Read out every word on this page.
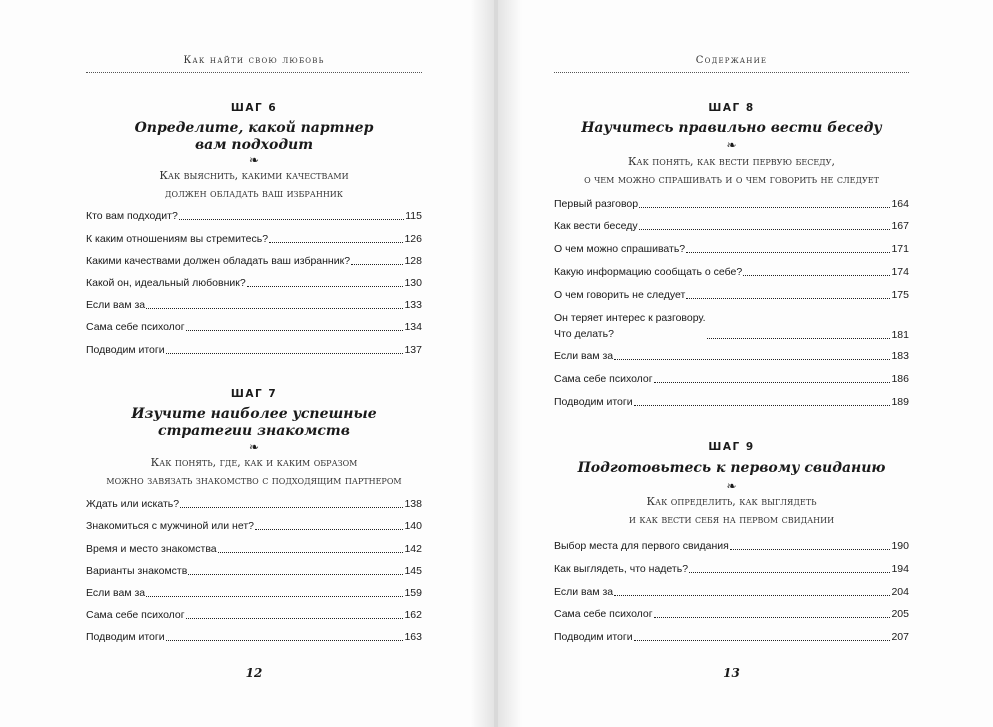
Как найти свою любовь
ШАГ 6
Определите, какой партнер
вам подходит
❧
Как выяснить, какими качествами
должен обладать ваш избранник
Кто вам подходит?	115
К каким отношениям вы стремитесь?	126
Какими качествами должен обладать ваш избранник?	128
Какой он, идеальный любовник?	130
Если вам за	133
Сама себе психолог	134
Подводим итоги	137
ШАГ 7
Изучите наиболее успешные
стратегии знакомств
❧
Как понять, где, как и каким образом
можно завязать знакомство с подходящим партнером
Ждать или искать?	138
Знакомиться с мужчиной или нет?	140
Время и место знакомства	142
Варианты знакомств	145
Если вам за	159
Сама себе психолог	162
Подводим итоги	163
12
Содержание
ШАГ 8
Научитесь правильно вести беседу
❧
Как понять, как вести первую беседу,
о чем можно спрашивать и о чем говорить не следует
Первый разговор	164
Как вести беседу	167
О чем можно спрашивать?	171
Какую информацию сообщать о себе?	174
О чем говорить не следует	175
Он теряет интерес к разговору.
Что делать?	181
Если вам за	183
Сама себе психолог	186
Подводим итоги	189
ШАГ 9
Подготовьтесь к первому свиданию
❧
Как определить, как выглядеть
и как вести себя на первом свидании
Выбор места для первого свидания	190
Как выглядеть, что надеть?	194
Если вам за	204
Сама себе психолог	205
Подводим итоги	207
13
